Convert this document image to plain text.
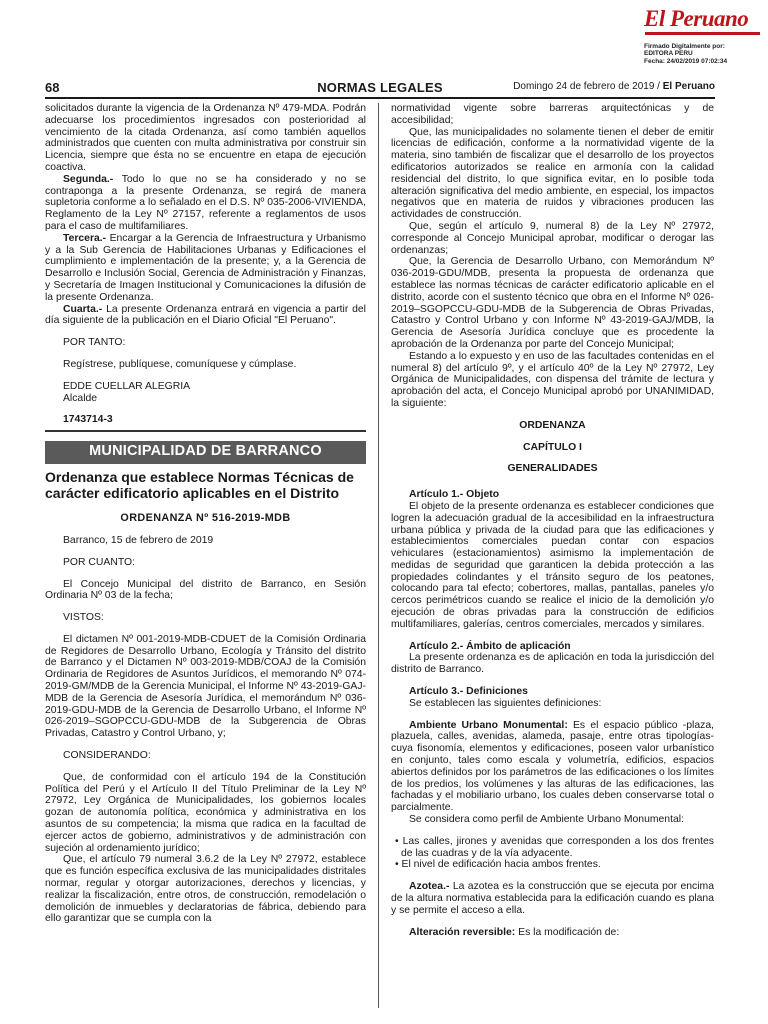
El Peruano
Firmado Digitalmente por:
EDITORA PERU
Fecha: 24/02/2019 07:02:34
68	NORMAS LEGALES	Domingo 24 de febrero de 2019 / El Peruano

solicitados durante la vigencia de la Ordenanza Nº 479-MDA. Podrán adecuarse los procedimientos ingresados con posterioridad al vencimiento de la citada Ordenanza, así como también aquellos administrados que cuenten con multa administrativa por construir sin Licencia, siempre que ésta no se encuentre en etapa de ejecución coactiva.

Segunda.- Todo lo que no se ha considerado y no se contraponga a la presente Ordenanza, se regirá de manera supletoria conforme a lo señalado en el D.S. Nº 035-2006-VIVIENDA, Reglamento de la Ley Nº 27157, referente a reglamentos de usos para el caso de multifamiliares.

Tercera.- Encargar a la Gerencia de Infraestructura y Urbanismo y a la Sub Gerencia de Habilitaciones Urbanas y Edificaciones el cumplimiento e implementación de la presente; y, a la Gerencia de Desarrollo e Inclusión Social, Gerencia de Administración y Finanzas, y Secretaría de Imagen Institucional y Comunicaciones la difusión de la presente Ordenanza.

Cuarta.- La presente Ordenanza entrará en vigencia a partir del día siguiente de la publicación en el Diario Oficial "El Peruano".

POR TANTO:

Regístrese, publíquese, comuníquese y cúmplase.

EDDE CUELLAR ALEGRIA

Alcalde

1743714-3

MUNICIPALIDAD DE BARRANCO
Ordenanza que establece Normas Técnicas de carácter edificatorio aplicables en el Distrito
ORDENANZA Nº 516-2019-MDB

Barranco, 15 de febrero de 2019

POR CUANTO:

El Concejo Municipal del distrito de Barranco, en Sesión Ordinaria Nº 03 de la fecha;

VISTOS:

El dictamen Nº 001-2019-MDB-CDUET de la Comisión Ordinaria de Regidores de Desarrollo Urbano, Ecología y Tránsito del distrito de Barranco y el Dictamen Nº 003-2019-MDB/COAJ de la Comisión Ordinaria de Regidores de Asuntos Jurídicos, el memorando Nº 074-2019-GM/MDB de la Gerencia Municipal, el Informe Nº 43-2019-GAJ-MDB de la Gerencia de Asesoría Jurídica, el memorándum Nº 036-2019-GDU-MDB de la Gerencia de Desarrollo Urbano, el Informe Nº 026-2019–SGOPCCU-GDU-MDB de la Subgerencia de Obras Privadas, Catastro y Control Urbano, y;

CONSIDERANDO:

Que, de conformidad con el artículo 194 de la Constitución Política del Perú y el Artículo II del Título Preliminar de la Ley Nº 27972, Ley Orgánica de Municipalidades, los gobiernos locales gozan de autonomía política, económica y administrativa en los asuntos de su competencia; la misma que radica en la facultad de ejercer actos de gobierno, administrativos y de administración con sujeción al ordenamiento jurídico;

Que, el artículo 79 numeral 3.6.2 de la Ley Nº 27972, establece que es función específica exclusiva de las municipalidades distritales normar, regular y otorgar autorizaciones, derechos y licencias, y realizar la fiscalización, entre otros, de construcción, remodelación o demolición de inmuebles y declaratorias de fábrica, debiendo para ello garantizar que se cumpla con la

normatividad vigente sobre barreras arquitectónicas y de accesibilidad;

Que, las municipalidades no solamente tienen el deber de emitir licencias de edificación, conforme a la normatividad vigente de la materia, sino también de fiscalizar que el desarrollo de los proyectos edificatorios autorizados se realice en armonía con la calidad residencial del distrito, lo que significa evitar, en lo posible toda alteración significativa del medio ambiente, en especial, los impactos negativos que en materia de ruidos y vibraciones producen las actividades de construcción.

Que, según el artículo 9, numeral 8) de la Ley Nº 27972, corresponde al Concejo Municipal aprobar, modificar o derogar las ordenanzas;

Que, la Gerencia de Desarrollo Urbano, con Memorándum Nº 036-2019-GDU/MDB, presenta la propuesta de ordenanza que establece las normas técnicas de carácter edificatorio aplicable en el distrito, acorde con el sustento técnico que obra en el Informe Nº 026-2019–SGOPCCU-GDU-MDB de la Subgerencia de Obras Privadas, Catastro y Control Urbano y con Informe Nº 43-2019-GAJ/MDB, la Gerencia de Asesoría Jurídica concluye que es procedente la aprobación de la Ordenanza por parte del Concejo Municipal;

Estando a lo expuesto y en uso de las facultades contenidas en el numeral 8) del artículo 9º, y el artículo 40º de la Ley Nº 27972, Ley Orgánica de Municipalidades, con dispensa del trámite de lectura y aprobación del acta, el Concejo Municipal aprobó por UNANIMIDAD, la siguiente:

ORDENANZA

CAPÍTULO I

GENERALIDADES

Artículo 1.- Objeto

El objeto de la presente ordenanza es establecer condiciones que logren la adecuación gradual de la accesibilidad en la infraestructura urbana pública y privada de la ciudad para que las edificaciones y establecimientos comerciales puedan contar con espacios vehiculares (estacionamientos) asimismo la implementación de medidas de seguridad que garanticen la debida protección a las propiedades colindantes y el tránsito seguro de los peatones, colocando para tal efecto; cobertores, mallas, pantallas, paneles y/o cercos perimétricos cuando se realice el inicio de la demolición y/o ejecución de obras privadas para la construcción de edificios multifamiliares, galerías, centros comerciales, mercados y similares.

Artículo 2.- Ámbito de aplicación

La presente ordenanza es de aplicación en toda la jurisdicción del distrito de Barranco.

Artículo 3.- Definiciones

Se establecen las siguientes definiciones:

Ambiente Urbano Monumental: Es el espacio público -plaza, plazuela, calles, avenidas, alameda, pasaje, entre otras tipologías- cuya fisonomía, elementos y edificaciones, poseen valor urbanístico en conjunto, tales como escala y volumetría, edificios, espacios abiertos definidos por los parámetros de las edificaciones o los límites de los predios, los volúmenes y las alturas de las edificaciones, las fachadas y el mobiliario urbano, los cuales deben conservarse total o parcialmente.

Se considera como perfil de Ambiente Urbano Monumental:

• Las calles, jirones y avenidas que corresponden a los dos frentes de las cuadras y de la vía adyacente.

• El nivel de edificación hacia ambos frentes.

Azotea.- La azotea es la construcción que se ejecuta por encima de la altura normativa establecida para la edificación cuando es plana y se permite el acceso a ella.

Alteración reversible: Es la modificación de:
